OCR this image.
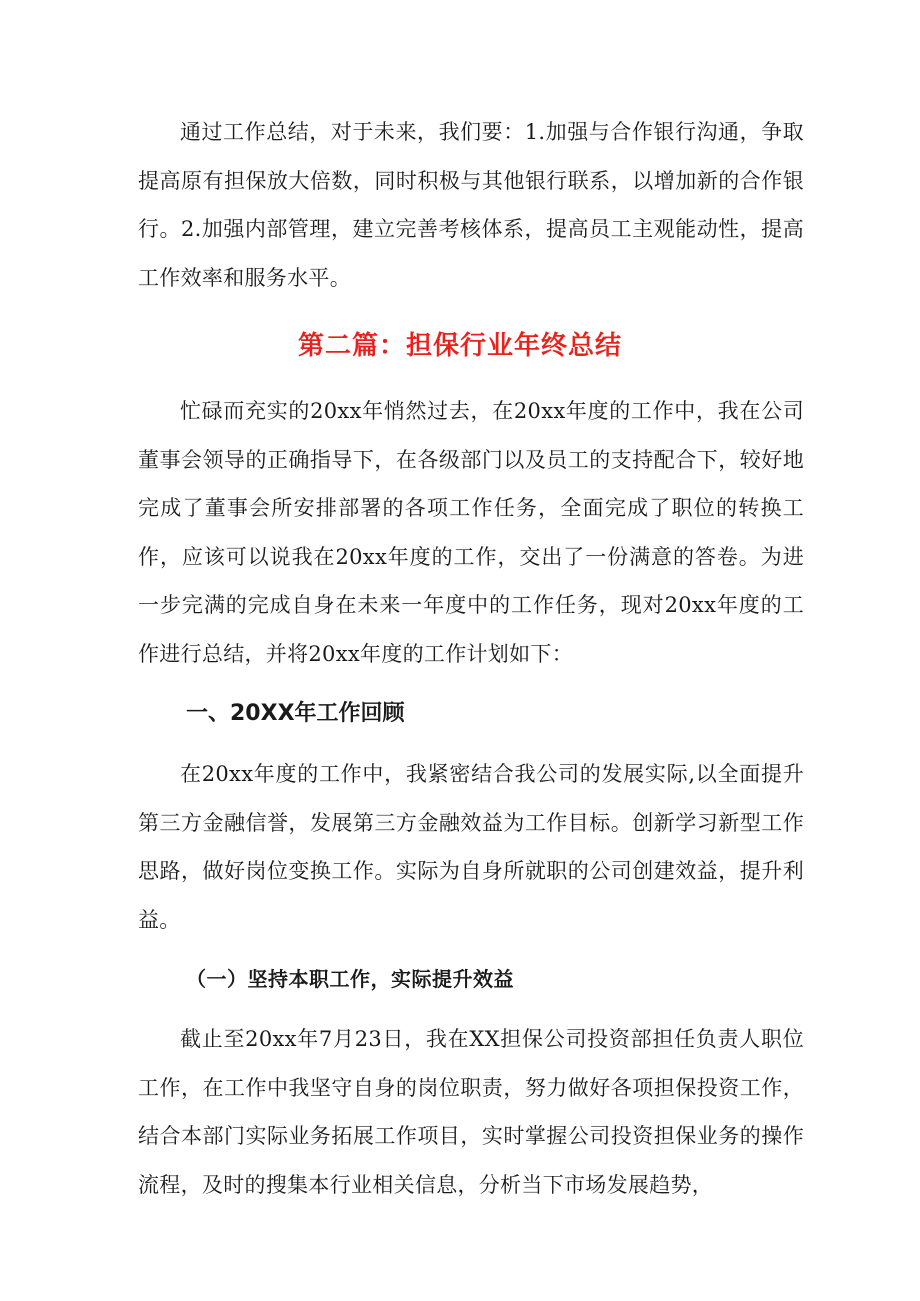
通过工作总结，对于未来，我们要：1.加强与合作银行沟通，争取提高原有担保放大倍数，同时积极与其他银行联系，以增加新的合作银行。2.加强内部管理，建立完善考核体系，提高员工主观能动性，提高工作效率和服务水平。

第二篇：担保行业年终总结

忙碌而充实的20xx年悄然过去，在20xx年度的工作中，我在公司董事会领导的正确指导下，在各级部门以及员工的支持配合下，较好地完成了董事会所安排部署的各项工作任务，全面完成了职位的转换工作，应该可以说我在20xx年度的工作，交出了一份满意的答卷。为进一步完满的完成自身在未来一年度中的工作任务，现对20xx年度的工作进行总结，并将20xx年度的工作计划如下：

一、20XX年工作回顾

在20xx年度的工作中，我紧密结合我公司的发展实际,以全面提升第三方金融信誉，发展第三方金融效益为工作目标。创新学习新型工作思路，做好岗位变换工作。实际为自身所就职的公司创建效益，提升利益。

（一）坚持本职工作，实际提升效益

截止至20xx年7月23日，我在XX担保公司投资部担任负责人职位工作，在工作中我坚守自身的岗位职责，努力做好各项担保投资工作，结合本部门实际业务拓展工作项目，实时掌握公司投资担保业务的操作流程，及时的搜集本行业相关信息，分析当下市场发展趋势，
